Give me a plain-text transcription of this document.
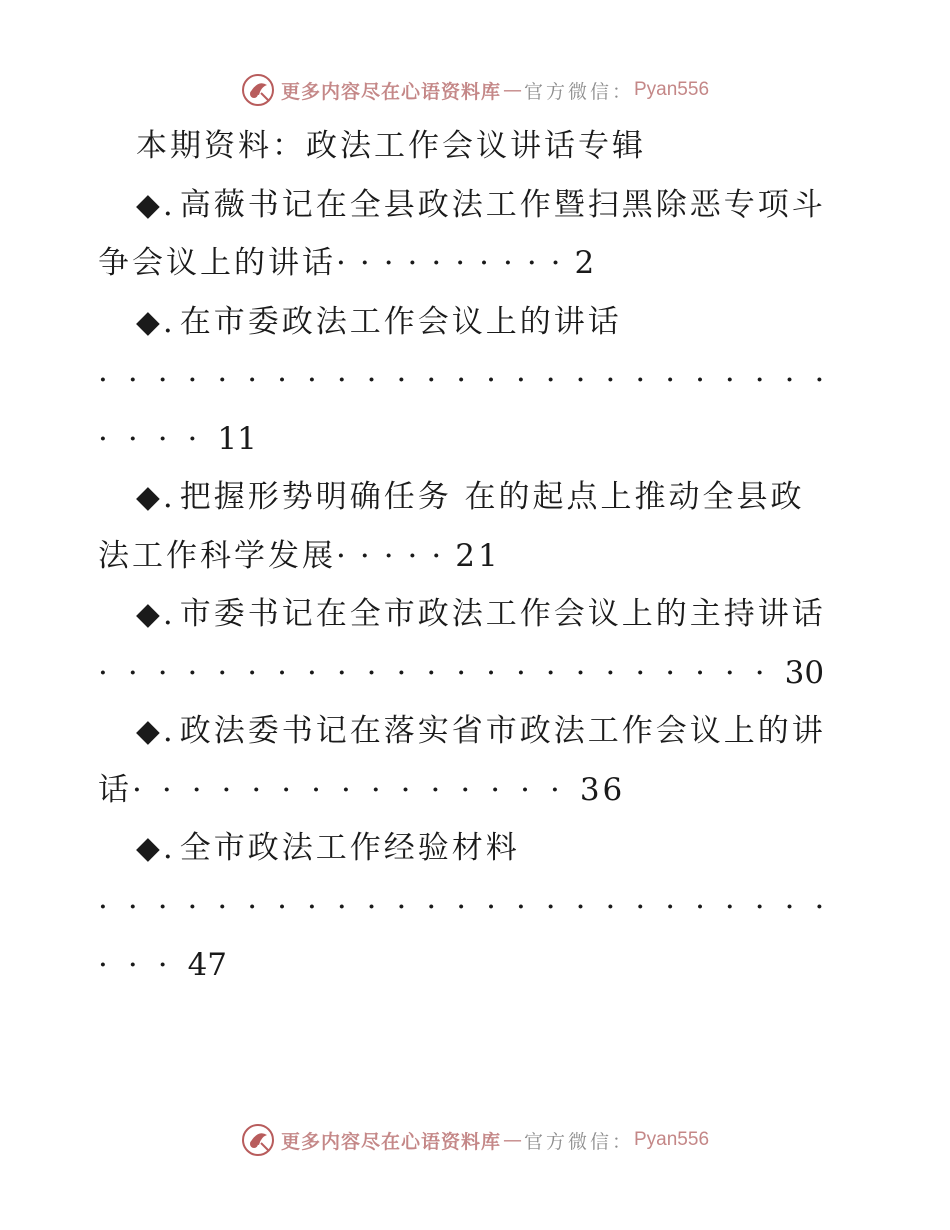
更多内容尽在心语资料库 — 官方微信： Pyan556
本期资料：政法工作会议讲话专辑
◆. 高薇书记在全县政法工作暨扫黑除恶专项斗
争会议上的讲话··········2
◆. 在市委政法工作会议上的讲话
·························
····11
◆. 把握形势明确任务 在的起点上推动全县政
法工作科学发展·····21
◆. 市委书记在全市政法工作会议上的主持讲话
·······················30
◆. 政法委书记在落实省市政法工作会议上的讲
话···············36
◆. 全市政法工作经验材料
·························
···47
更多内容尽在心语资料库 — 官方微信： Pyan556
